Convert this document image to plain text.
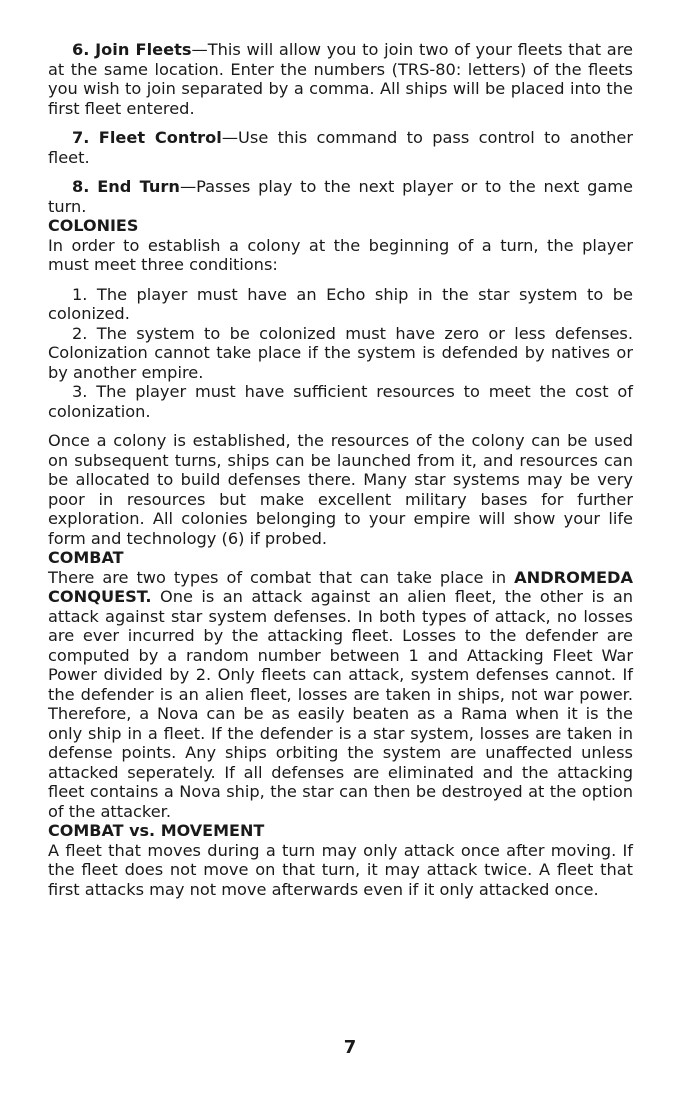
6. Join Fleets—This will allow you to join two of your fleets that are at the same location. Enter the numbers (TRS-80: letters) of the fleets you wish to join separated by a comma. All ships will be placed into the first fleet entered.

7. Fleet Control—Use this command to pass control to another fleet.

8. End Turn—Passes play to the next player or to the next game turn.

COLONIES

In order to establish a colony at the beginning of a turn, the player must meet three conditions:

1. The player must have an Echo ship in the star system to be colonized.

2. The system to be colonized must have zero or less defenses. Colonization cannot take place if the system is defended by natives or by another empire.

3. The player must have sufficient resources to meet the cost of colonization.

Once a colony is established, the resources of the colony can be used on subsequent turns, ships can be launched from it, and resources can be allocated to build defenses there. Many star systems may be very poor in resources but make excellent military bases for further exploration. All colonies belonging to your empire will show your life form and technology (6) if probed.

COMBAT

There are two types of combat that can take place in ANDROMEDA CONQUEST. One is an attack against an alien fleet, the other is an attack against star system defenses. In both types of attack, no losses are ever incurred by the attacking fleet. Losses to the defender are computed by a random number between 1 and Attacking Fleet War Power divided by 2. Only fleets can attack, system defenses cannot. If the defender is an alien fleet, losses are taken in ships, not war power. Therefore, a Nova can be as easily beaten as a Rama when it is the only ship in a fleet. If the defender is a star system, losses are taken in defense points. Any ships orbiting the system are unaffected unless attacked seperately. If all defenses are eliminated and the attacking fleet contains a Nova ship, the star can then be destroyed at the option of the attacker.

COMBAT vs. MOVEMENT

A fleet that moves during a turn may only attack once after moving. If the fleet does not move on that turn, it may attack twice. A fleet that first attacks may not move afterwards even if it only attacked once.

7
